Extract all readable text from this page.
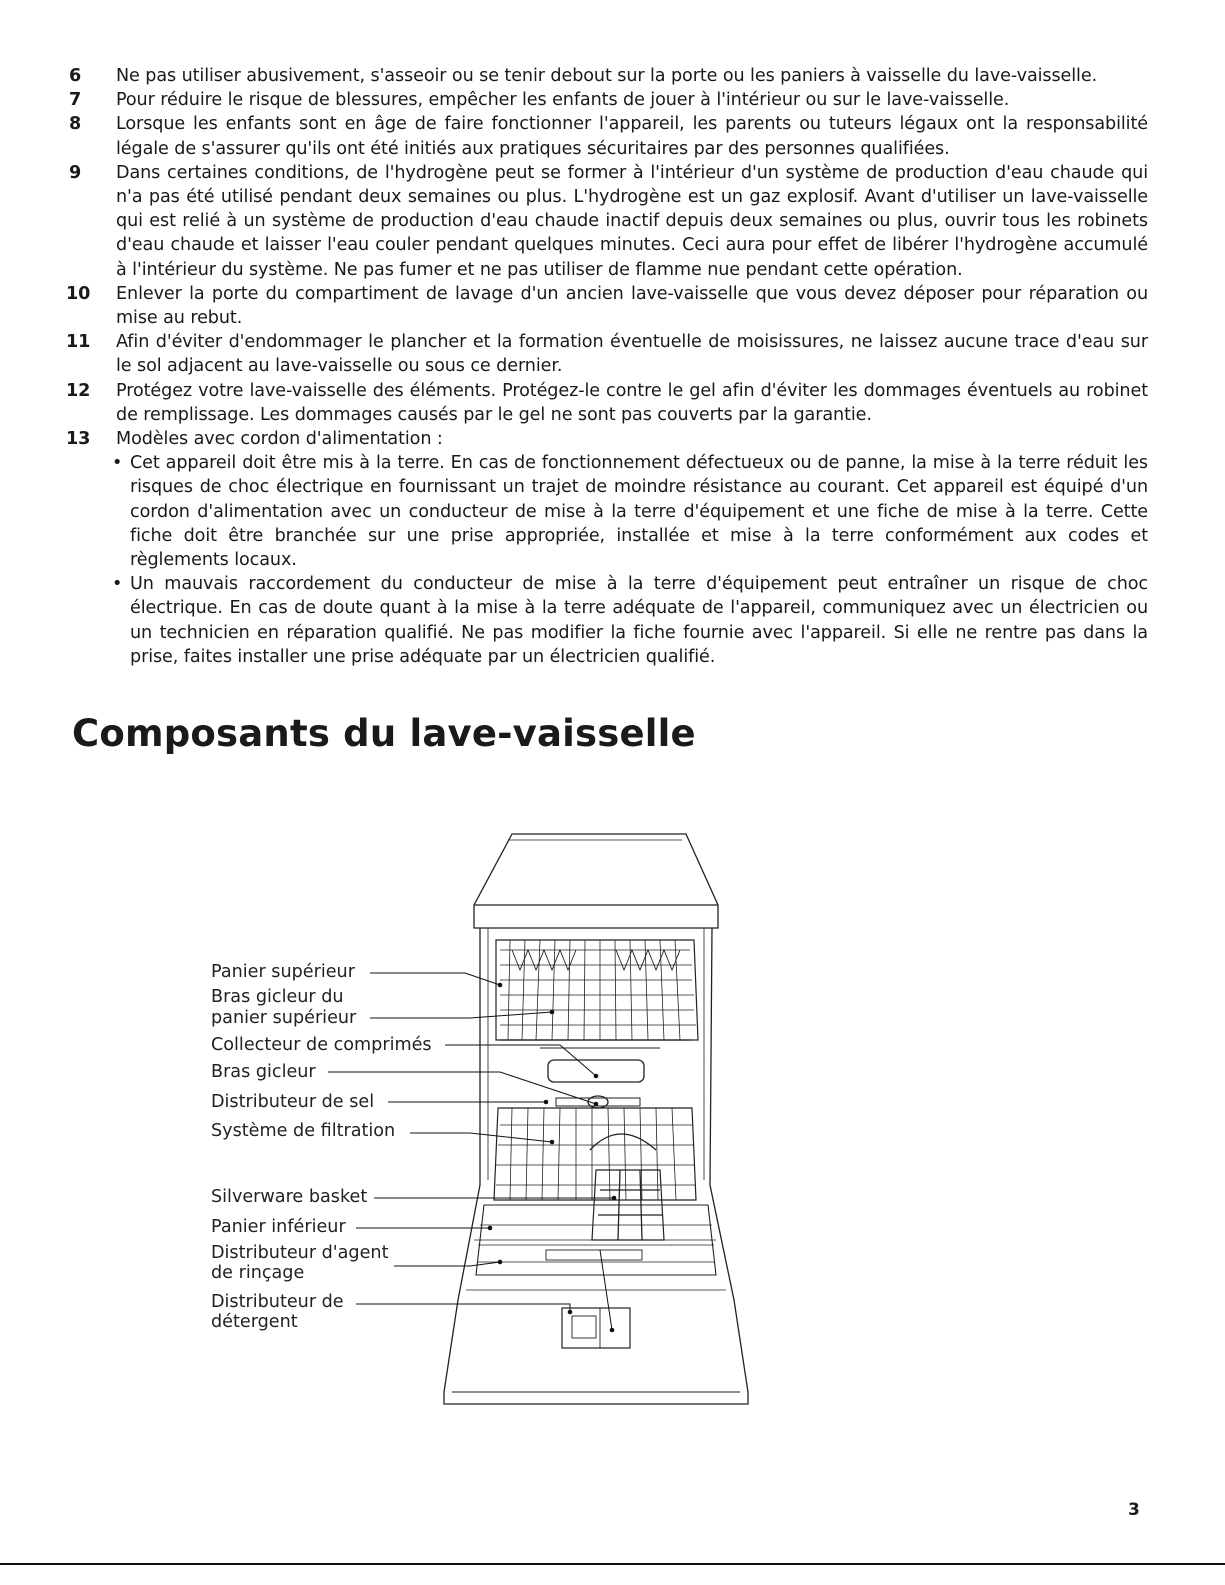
6	Ne pas utiliser abusivement, s'asseoir ou se tenir debout sur la porte ou les paniers à vaisselle du lave-vaisselle.
7	Pour réduire le risque de blessures, empêcher les enfants de jouer à l'intérieur ou sur le lave-vaisselle.
8	Lorsque les enfants sont en âge de faire fonctionner l'appareil, les parents ou tuteurs légaux ont la responsabilité légale de s'assurer qu'ils ont été initiés aux pratiques sécuritaires par des personnes qualifiées.
9	Dans certaines conditions, de l'hydrogène peut se former à l'intérieur d'un système de production d'eau chaude qui n'a pas été utilisé pendant deux semaines ou plus. L'hydrogène est un gaz explosif. Avant d'utiliser un lave-vaisselle qui est relié à un système de production d'eau chaude inactif depuis deux semaines ou plus, ouvrir tous les robinets d'eau chaude et laisser l'eau couler pendant quelques minutes. Ceci aura pour effet de libérer l'hydrogène accumulé à l'intérieur du système. Ne pas fumer et ne pas utiliser de flamme nue pendant cette opération.
10	Enlever la porte du compartiment de lavage d'un ancien lave-vaisselle que vous devez déposer pour réparation ou mise au rebut.
11	Afin d'éviter d'endommager le plancher et la formation éventuelle de moisissures, ne laissez aucune trace d'eau sur le sol adjacent au lave-vaisselle ou sous ce dernier.
12	Protégez votre lave-vaisselle des éléments. Protégez-le contre le gel afin d'éviter les dommages éventuels au robinet de remplissage. Les dommages causés par le gel ne sont pas couverts par la garantie.
13	Modèles avec cordon d'alimentation :
• Cet appareil doit être mis à la terre. En cas de fonctionnement défectueux ou de panne, la mise à la terre réduit les risques de choc électrique en fournissant un trajet de moindre résistance au courant. Cet appareil est équipé d'un cordon d'alimentation avec un conducteur de mise à la terre d'équipement et une fiche de mise à la terre. Cette fiche doit être branchée sur une prise appropriée, installée et mise à la terre conformément aux codes et règlements locaux.
• Un mauvais raccordement du conducteur de mise à la terre d'équipement peut entraîner un risque de choc électrique. En cas de doute quant à la mise à la terre adéquate de l'appareil, communiquez avec un électricien ou un technicien en réparation qualifié. Ne pas modifier la fiche fournie avec l'appareil. Si elle ne rentre pas dans la prise, faites installer une prise adéquate par un électricien qualifié.
Composants du lave-vaisselle
Panier supérieur
Bras gicleur du
panier supérieur
Collecteur de comprimés
Bras gicleur
Distributeur de sel
Système de filtration
Silverware basket
Panier inférieur
Distributeur d'agent
de rinçage
Distributeur de
détergent
3
